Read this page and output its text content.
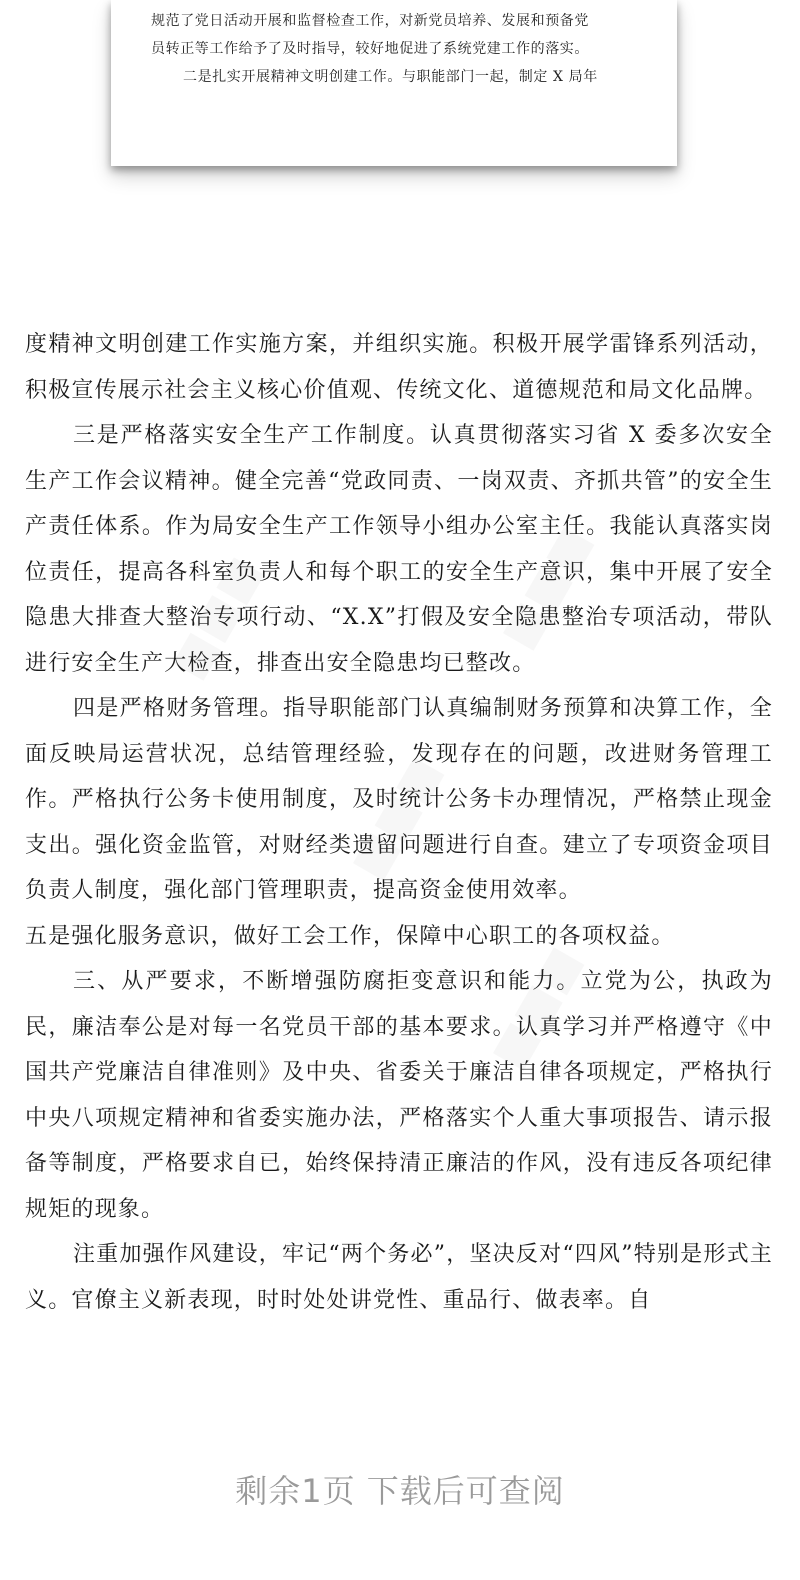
规范了党日活动开展和监督检查工作，对新党员培养、发展和预备党
员转正等工作给予了及时指导，较好地促进了系统党建工作的落实。
二是扎实开展精神文明创建工作。与职能部门一起，制定 X 局年

度精神文明创建工作实施方案，并组织实施。积极开展学雷锋系列活动，积极宣传展示社会主义核心价值观、传统文化、道德规范和局文化品牌。

三是严格落实安全生产工作制度。认真贯彻落实习省 X 委多次安全生产工作会议精神。健全完善“党政同责、一岗双责、齐抓共管”的安全生产责任体系。作为局安全生产工作领导小组办公室主任。我能认真落实岗位责任，提高各科室负责人和每个职工的安全生产意识，集中开展了安全隐患大排查大整治专项行动、“X.X”打假及安全隐患整治专项活动，带队进行安全生产大检查，排查出安全隐患均已整改。

四是严格财务管理。指导职能部门认真编制财务预算和决算工作，全面反映局运营状况，总结管理经验，发现存在的问题，改进财务管理工作。严格执行公务卡使用制度，及时统计公务卡办理情况，严格禁止现金支出。强化资金监管，对财经类遗留问题进行自查。建立了专项资金项目负责人制度，强化部门管理职责，提高资金使用效率。

五是强化服务意识，做好工会工作，保障中心职工的各项权益。

三、从严要求，不断增强防腐拒变意识和能力。立党为公，执政为民，廉洁奉公是对每一名党员干部的基本要求。认真学习并严格遵守《中国共产党廉洁自律准则》及中央、省委关于廉洁自律各项规定，严格执行中央八项规定精神和省委实施办法，严格落实个人重大事项报告、请示报备等制度，严格要求自已，始终保持清正廉洁的作风，没有违反各项纪律规矩的现象。

注重加强作风建设，牢记“两个务必”，坚决反对“四风”特别是形式主义。官僚主义新表现，时时处处讲党性、重品行、做表率。自

■■■	■■■
■■■
■■■
剩余1页 下载后可查阅
